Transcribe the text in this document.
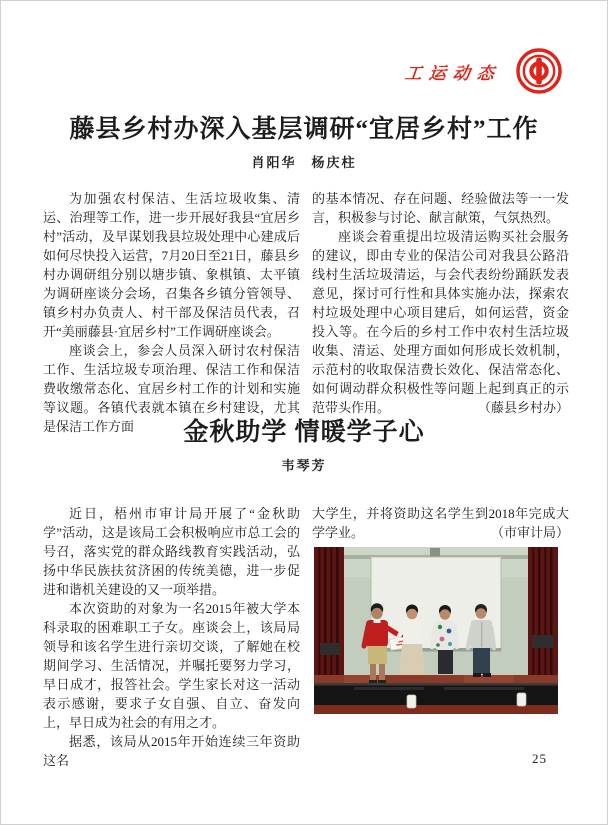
工运动态
藤县乡村办深入基层调研“宜居乡村”工作
肖阳华　杨庆柱

为加强农村保洁、生活垃圾收集、清运、治理等工作，进一步开展好我县“宜居乡村”活动，及早谋划我县垃圾处理中心建成后如何尽快投入运营，7月20日至21日，藤县乡村办调研组分别以塘步镇、象棋镇、太平镇为调研座谈分会场，召集各乡镇分管领导、镇乡村办负责人、村干部及保洁员代表，召开“美丽藤县·宜居乡村”工作调研座谈会。

座谈会上，参会人员深入研讨农村保洁工作、生活垃圾专项治理、保洁工作和保洁费收缴常态化、宜居乡村工作的计划和实施等议题。各镇代表就本镇在乡村建设，尤其是保洁工作方面

的基本情况、存在问题、经验做法等一一发言，积极参与讨论、献言献策，气氛热烈。

座谈会着重提出垃圾清运购买社会服务的建议，即由专业的保洁公司对我县公路沿线村生活垃圾清运，与会代表纷纷踊跃发表意见，探讨可行性和具体实施办法，探索农村垃圾处理中心项目建后，如何运营，资金投入等。在今后的乡村工作中农村生活垃圾收集、清运、处理方面如何形成长效机制，示范村的收取保洁费长效化、保洁常态化、如何调动群众积极性等问题上起到真正的示范带头作用。	（藤县乡村办）

金秋助学 情暖学子心
韦琴芳

近日，梧州市审计局开展了“金秋助学”活动，这是该局工会积极响应市总工会的号召，落实党的群众路线教育实践活动，弘扬中华民族扶贫济困的传统美德，进一步促进和谐机关建设的又一项举措。

本次资助的对象为一名2015年被大学本科录取的困难职工子女。座谈会上，该局局领导和该名学生进行亲切交谈，了解她在校期间学习、生活情况，并嘱托要努力学习，早日成才，报答社会。学生家长对这一活动表示感谢，要求子女自强、自立、奋发向上，早日成为社会的有用之才。

据悉，该局从2015年开始连续三年资助这名

大学生，并将资助这名学生到2018年完成大学学业。	（市审计局）

25
